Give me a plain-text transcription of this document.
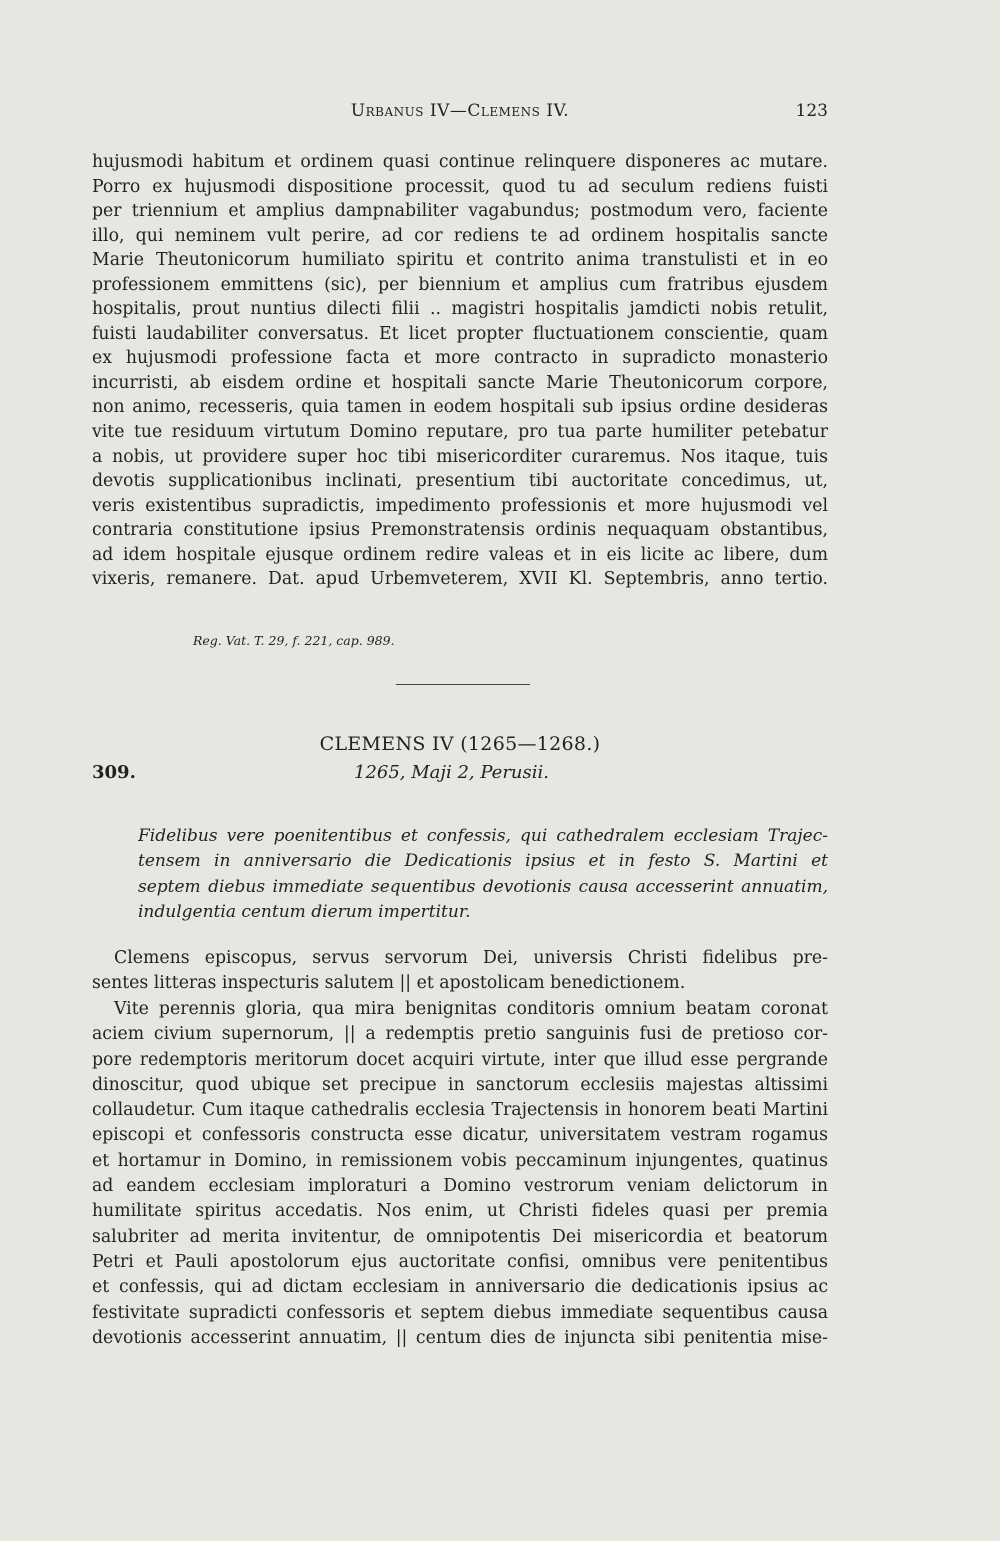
Urbanus IV—Clemens IV.	123
hujusmodi habitum et ordinem quasi continue relinquere disponeres ac mutare.
Porro ex hujusmodi dispositione processit, quod tu ad seculum rediens fuisti
per triennium et amplius dampnabiliter vagabundus; postmodum vero, faciente
illo, qui neminem vult perire, ad cor rediens te ad ordinem hospitalis sancte
Marie Theutonicorum humiliato spiritu et contrito anima transtulisti et in eo
professionem emmittens (sic), per biennium et amplius cum fratribus ejusdem
hospitalis, prout nuntius dilecti filii .. magistri hospitalis jamdicti nobis retulit,
fuisti laudabiliter conversatus. Et licet propter fluctuationem conscientie, quam
ex hujusmodi professione facta et more contracto in supradicto monasterio
incurristi, ab eisdem ordine et hospitali sancte Marie Theutonicorum corpore,
non animo, recesseris, quia tamen in eodem hospitali sub ipsius ordine desideras
vite tue residuum virtutum Domino reputare, pro tua parte humiliter petebatur
a nobis, ut providere super hoc tibi misericorditer curaremus. Nos itaque, tuis
devotis supplicationibus inclinati, presentium tibi auctoritate concedimus, ut,
veris existentibus supradictis, impedimento professionis et more hujusmodi vel
contraria constitutione ipsius Premonstratensis ordinis nequaquam obstantibus,
ad idem hospitale ejusque ordinem redire valeas et in eis licite ac libere, dum
vixeris, remanere. Dat. apud Urbemveterem, XVII Kl. Septembris, anno tertio.
Reg. Vat. T. 29, f. 221, cap. 989.
CLEMENS IV (1265—1268.)
309.	1265, Maji 2, Perusii.
Fidelibus vere poenitentibus et confessis, qui cathedralem ecclesiam Trajec-
tensem in anniversario die Dedicationis ipsius et in festo S. Martini et
septem diebus immediate sequentibus devotionis causa accesserint annuatim,
indulgentia centum dierum impertitur.
Clemens episcopus, servus servorum Dei, universis Christi fidelibus pre-
sentes litteras inspecturis salutem || et apostolicam benedictionem.
Vite perennis gloria, qua mira benignitas conditoris omnium beatam coronat
aciem civium supernorum, || a redemptis pretio sanguinis fusi de pretioso cor-
pore redemptoris meritorum docet acquiri virtute, inter que illud esse pergrande
dinoscitur, quod ubique set precipue in sanctorum ecclesiis majestas altissimi
collaudetur. Cum itaque cathedralis ecclesia Trajectensis in honorem beati Martini
episcopi et confessoris constructa esse dicatur, universitatem vestram rogamus
et hortamur in Domino, in remissionem vobis peccaminum injungentes, quatinus
ad eandem ecclesiam imploraturi a Domino vestrorum veniam delictorum in
humilitate spiritus accedatis. Nos enim, ut Christi fideles quasi per premia
salubriter ad merita invitentur, de omnipotentis Dei misericordia et beatorum
Petri et Pauli apostolorum ejus auctoritate confisi, omnibus vere penitentibus
et confessis, qui ad dictam ecclesiam in anniversario die dedicationis ipsius ac
festivitate supradicti confessoris et septem diebus immediate sequentibus causa
devotionis accesserint annuatim, || centum dies de injuncta sibi penitentia mise-
